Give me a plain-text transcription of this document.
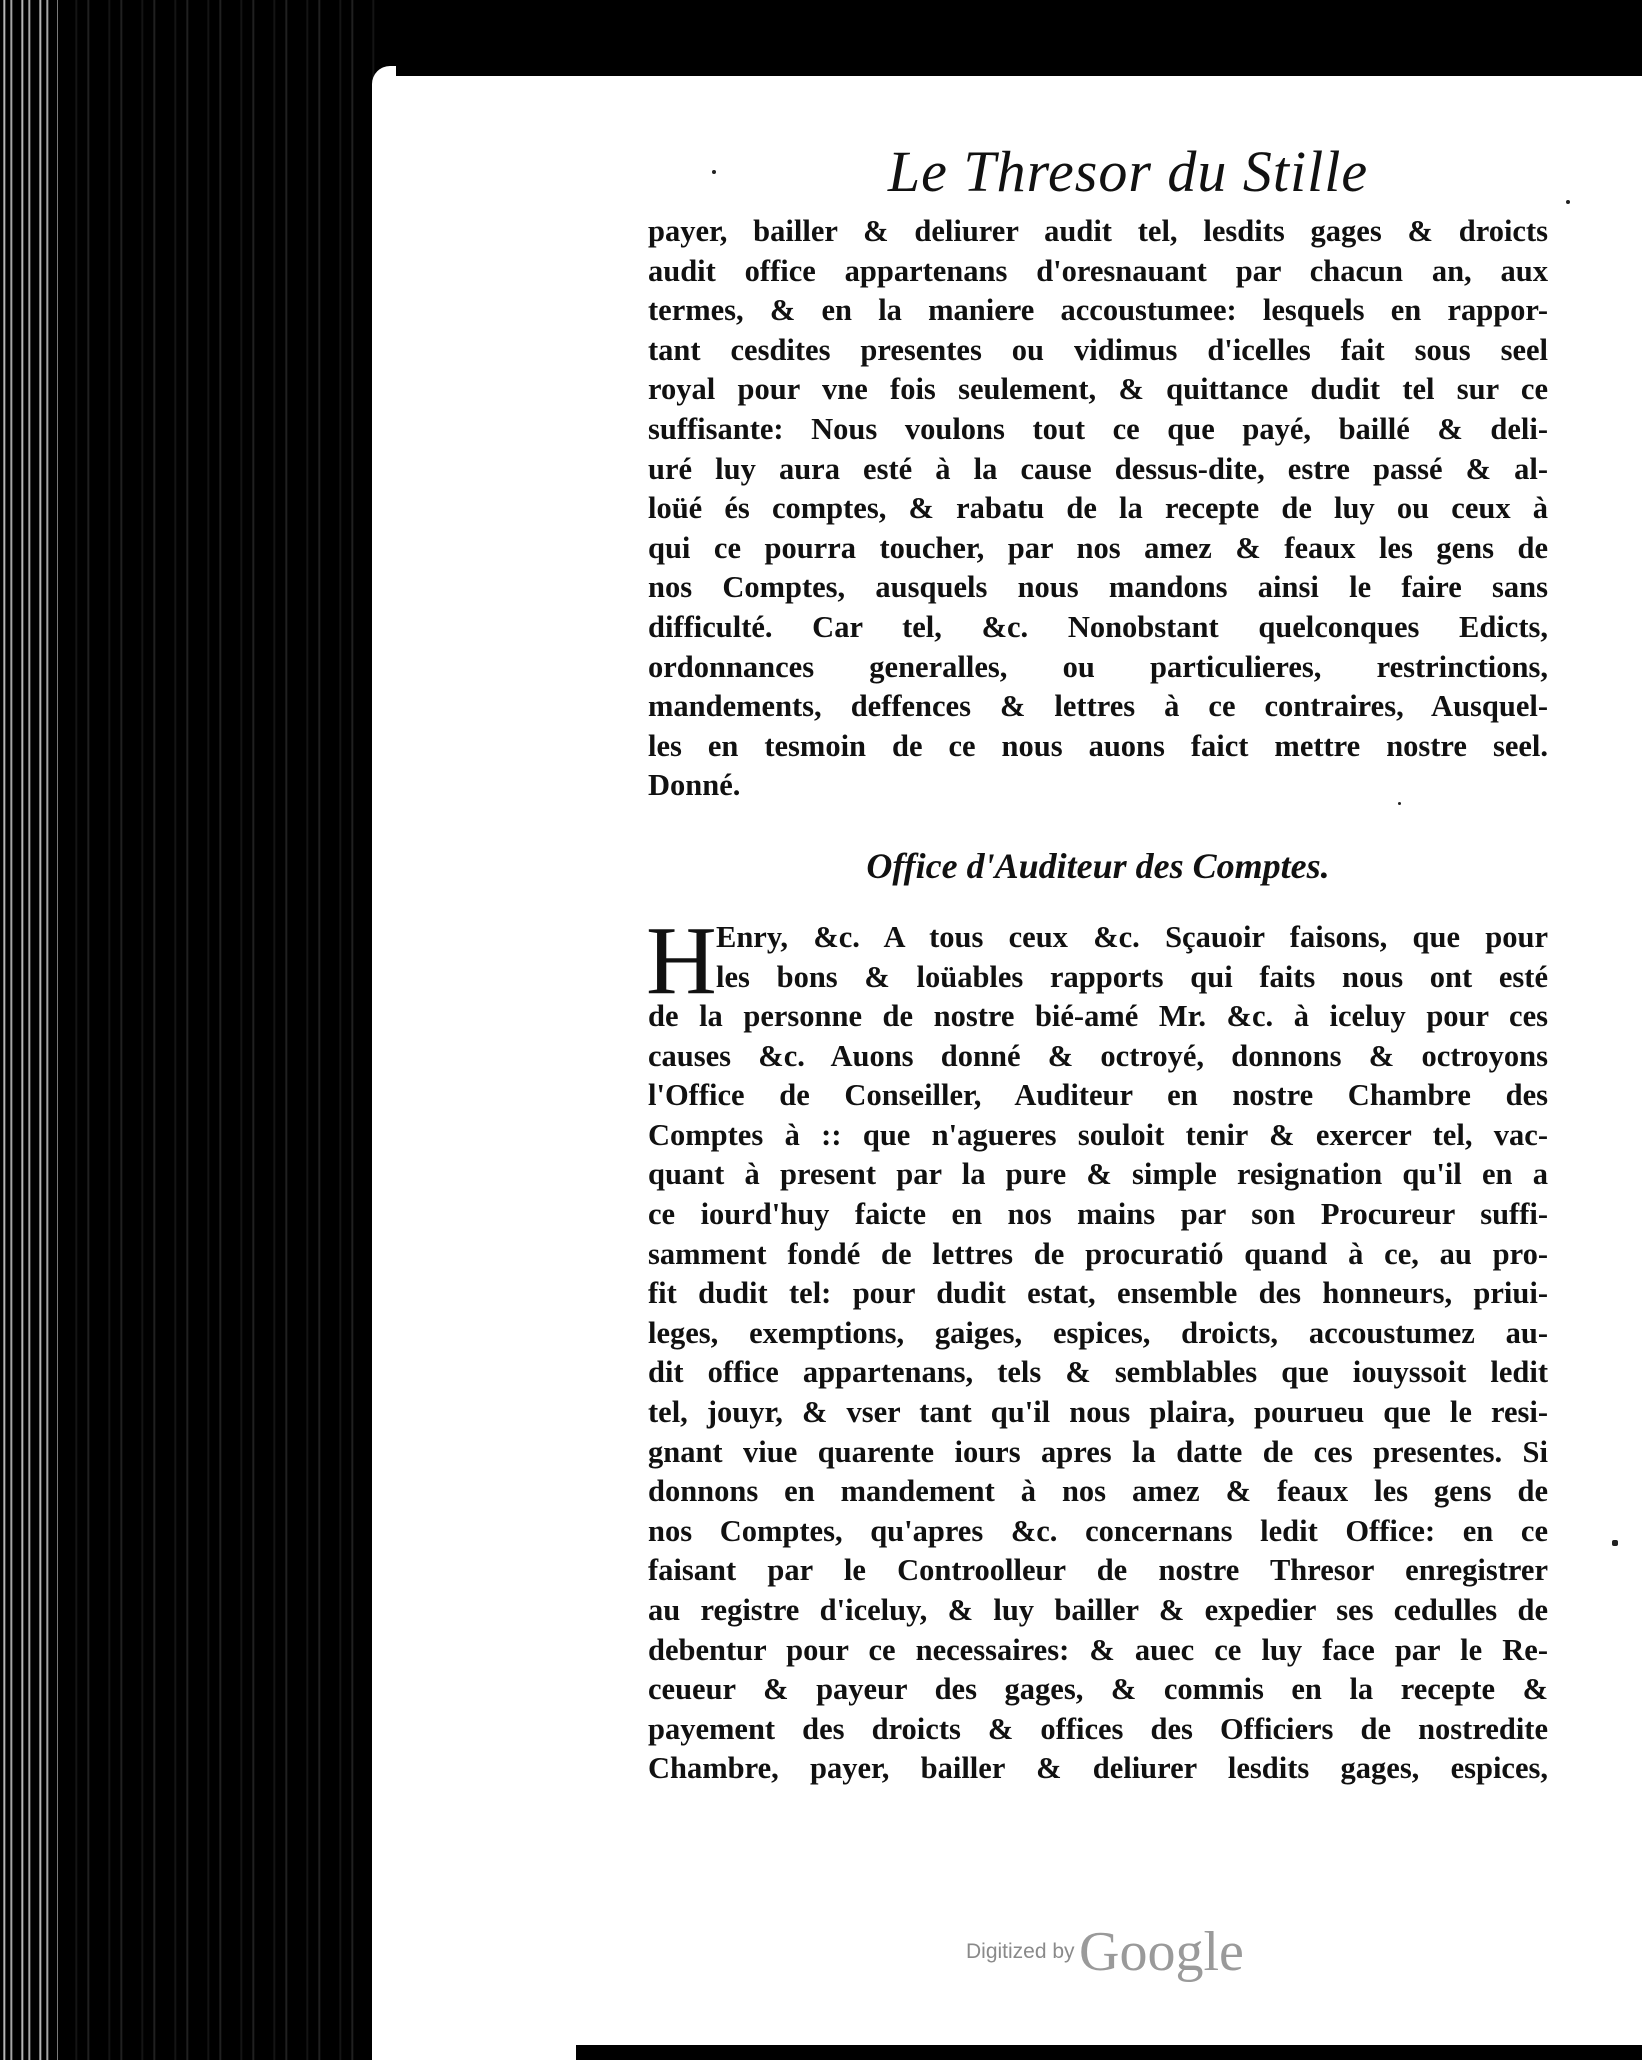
Le Thresor du Stille
payer, bailler & deliurer audit tel, lesdits gages & droicts
audit office appartenans d'oresnauant par chacun an, aux
termes, & en la maniere accoustumee: lesquels en rappor-
tant cesdites presentes ou vidimus d'icelles fait sous seel
royal pour vne fois seulement, & quittance dudit tel sur ce
suffisante: Nous voulons tout ce que payé, baillé & deli-
uré luy aura esté à la cause dessus-dite, estre passé & al-
loüé és comptes, & rabatu de la recepte de luy ou ceux à
qui ce pourra toucher, par nos amez & feaux les gens de
nos Comptes, ausquels nous mandons ainsi le faire sans
difficulté. Car tel, &c. Nonobstant quelconques Edicts,
ordonnances generalles, ou particulieres, restrinctions,
mandements, deffences & lettres à ce contraires, Ausquel-
les en tesmoin de ce nous auons faict mettre nostre seel.
Donné.
Office d'Auditeur des Comptes.
H Enry, &c. A tous ceux &c. Sçauoir faisons, que pour
les bons & loüables rapports qui faits nous ont esté
de la personne de nostre bié-amé Mr. &c. à iceluy pour ces
causes &c. Auons donné & octroyé, donnons & octroyons
l'Office de Conseiller, Auditeur en nostre Chambre des
Comptes à :: que n'agueres souloit tenir & exercer tel, vac-
quant à present par la pure & simple resignation qu'il en a
ce iourd'huy faicte en nos mains par son Procureur suffi-
samment fondé de lettres de procuratió quand à ce, au pro-
fit dudit tel: pour dudit estat, ensemble des honneurs, priui-
leges, exemptions, gaiges, espices, droicts, accoustumez au-
dit office appartenans, tels & semblables que iouyssoit ledit
tel, jouyr, & vser tant qu'il nous plaira, pourueu que le resi-
gnant viue quarente iours apres la datte de ces presentes. Si
donnons en mandement à nos amez & feaux les gens de
nos Comptes, qu'apres &c. concernans ledit Office: en ce
faisant par le Controolleur de nostre Thresor enregistrer
au registre d'iceluy, & luy bailler & expedier ses cedulles de
debentur pour ce necessaires: & auec ce luy face par le Re-
ceueur & payeur des gages, & commis en la recepte &
payement des droicts & offices des Officiers de nostredite
Chambre, payer, bailler & deliurer lesdits gages, espices,
Digitized by Google
